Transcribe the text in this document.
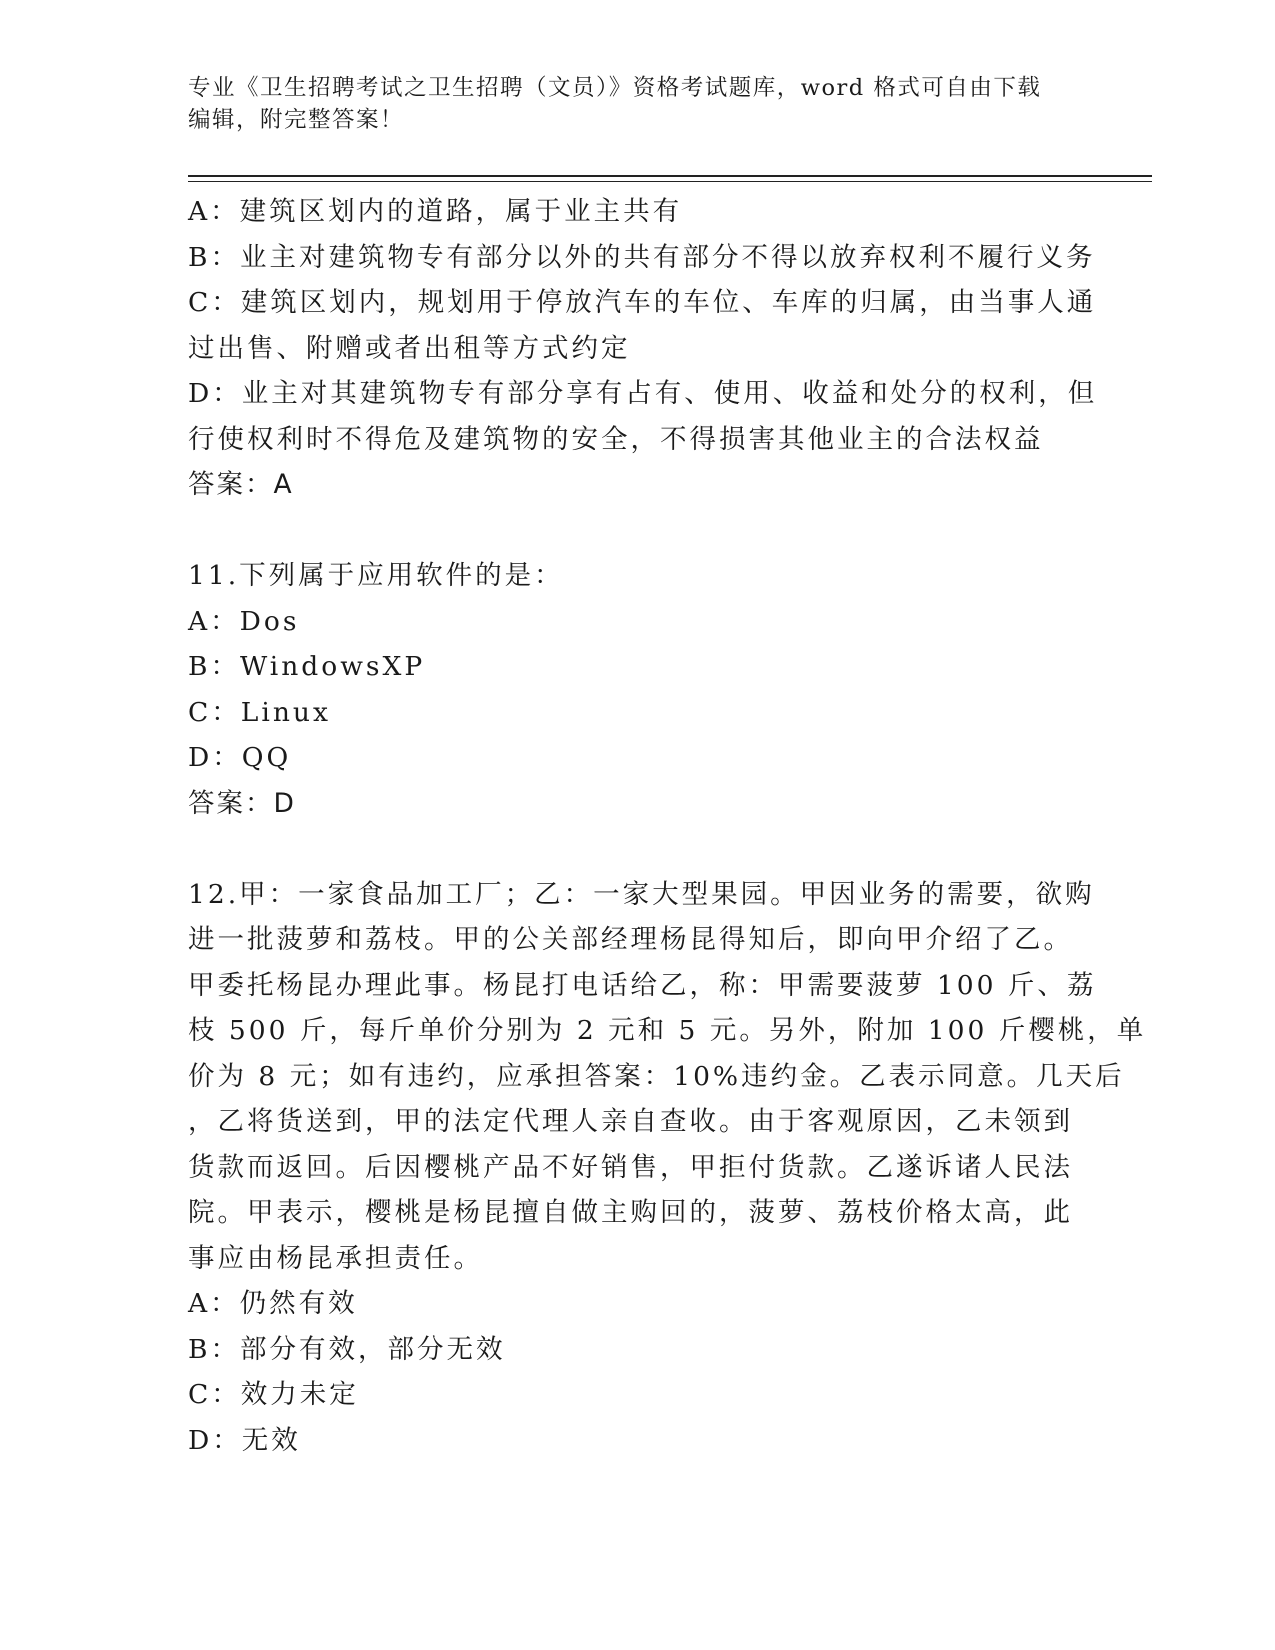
专业《卫生招聘考试之卫生招聘（文员）》资格考试题库，word 格式可自由下载
编辑，附完整答案！
A：建筑区划内的道路，属于业主共有
B：业主对建筑物专有部分以外的共有部分不得以放弃权利不履行义务
C：建筑区划内，规划用于停放汽车的车位、车库的归属，由当事人通
过出售、附赠或者出租等方式约定
D：业主对其建筑物专有部分享有占有、使用、收益和处分的权利，但
行使权利时不得危及建筑物的安全，不得损害其他业主的合法权益
答案：A
11.下列属于应用软件的是：
A：Dos
B：WindowsXP
C：Linux
D：QQ
答案：D
12.甲：一家食品加工厂；乙：一家大型果园。甲因业务的需要，欲购
进一批菠萝和荔枝。甲的公关部经理杨昆得知后，即向甲介绍了乙。
甲委托杨昆办理此事。杨昆打电话给乙，称：甲需要菠萝 100 斤、荔
枝 500 斤，每斤单价分别为 2 元和 5 元。另外，附加 100 斤樱桃，单
价为 8 元；如有违约，应承担答案：10%违约金。乙表示同意。几天后
，乙将货送到，甲的法定代理人亲自查收。由于客观原因，乙未领到
货款而返回。后因樱桃产品不好销售，甲拒付货款。乙遂诉诸人民法
院。甲表示，樱桃是杨昆擅自做主购回的，菠萝、荔枝价格太高，此
事应由杨昆承担责任。
A：仍然有效
B：部分有效，部分无效
C：效力未定
D：无效
